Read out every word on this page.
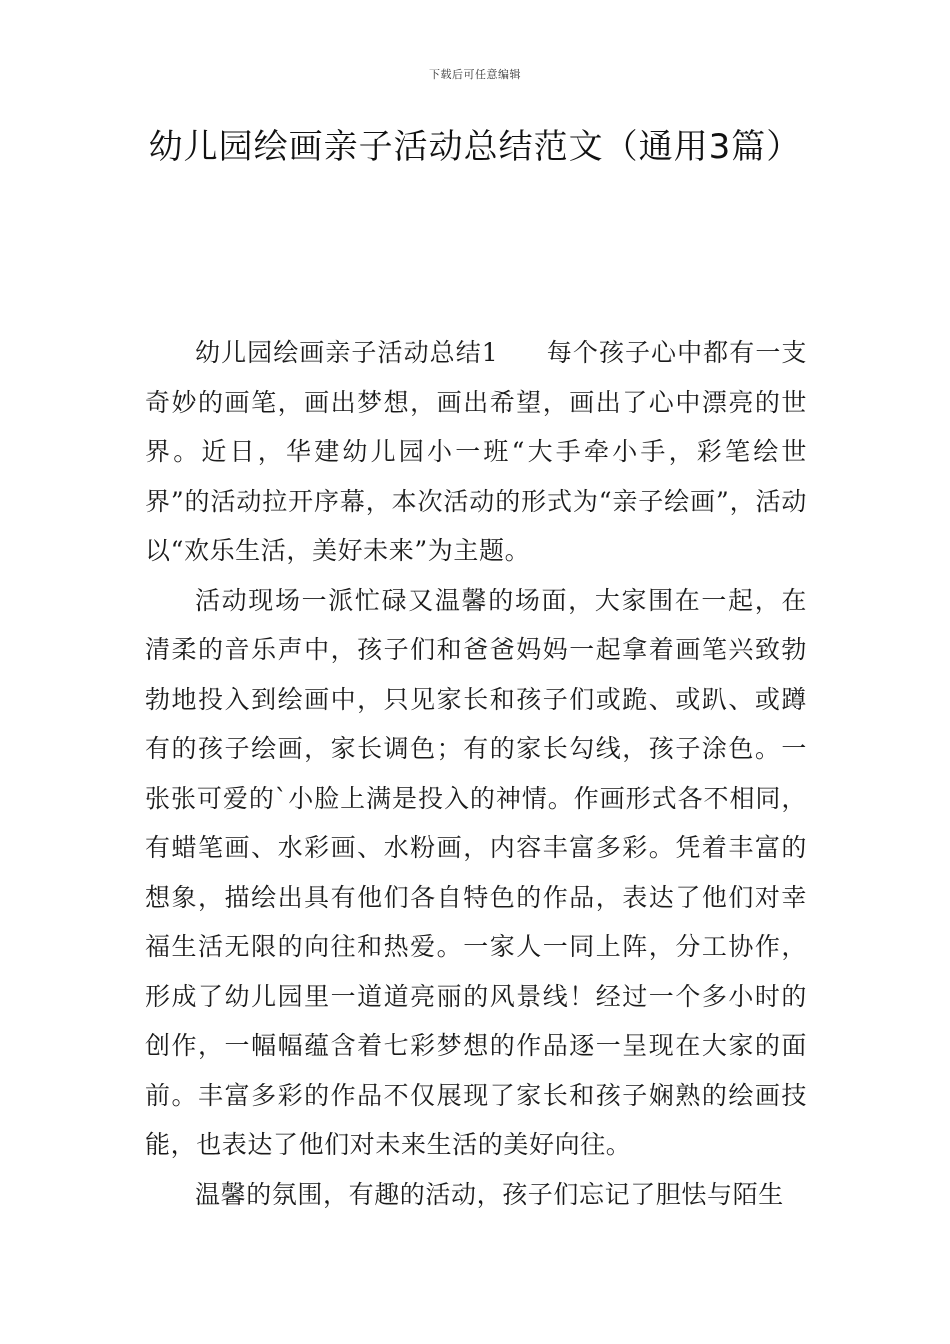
下载后可任意编辑
幼儿园绘画亲子活动总结范文（通用3篇）

幼儿园绘画亲子活动总结1 每个孩子心中都有一支奇妙的画笔，画出梦想，画出希望，画出了心中漂亮的世界。近日，华建幼儿园小一班“大手牵小手，彩笔绘世界”的活动拉开序幕，本次活动的形式为“亲子绘画”，活动以“欢乐生活，美好未来”为主题。

活动现场一派忙碌又温馨的场面，大家围在一起，在清柔的音乐声中，孩子们和爸爸妈妈一起拿着画笔兴致勃勃地投入到绘画中，只见家长和孩子们或跪、或趴、或蹲有的孩子绘画，家长调色；有的家长勾线，孩子涂色。一张张可爱的`小脸上满是投入的神情。作画形式各不相同，有蜡笔画、水彩画、水粉画，内容丰富多彩。凭着丰富的想象，描绘出具有他们各自特色的作品，表达了他们对幸福生活无限的向往和热爱。一家人一同上阵，分工协作，形成了幼儿园里一道道亮丽的风景线！经过一个多小时的创作，一幅幅蕴含着七彩梦想的作品逐一呈现在大家的面前。丰富多彩的作品不仅展现了家长和孩子娴熟的绘画技能，也表达了他们对未来生活的美好向往。

温馨的氛围，有趣的活动，孩子们忘记了胆怯与陌生
